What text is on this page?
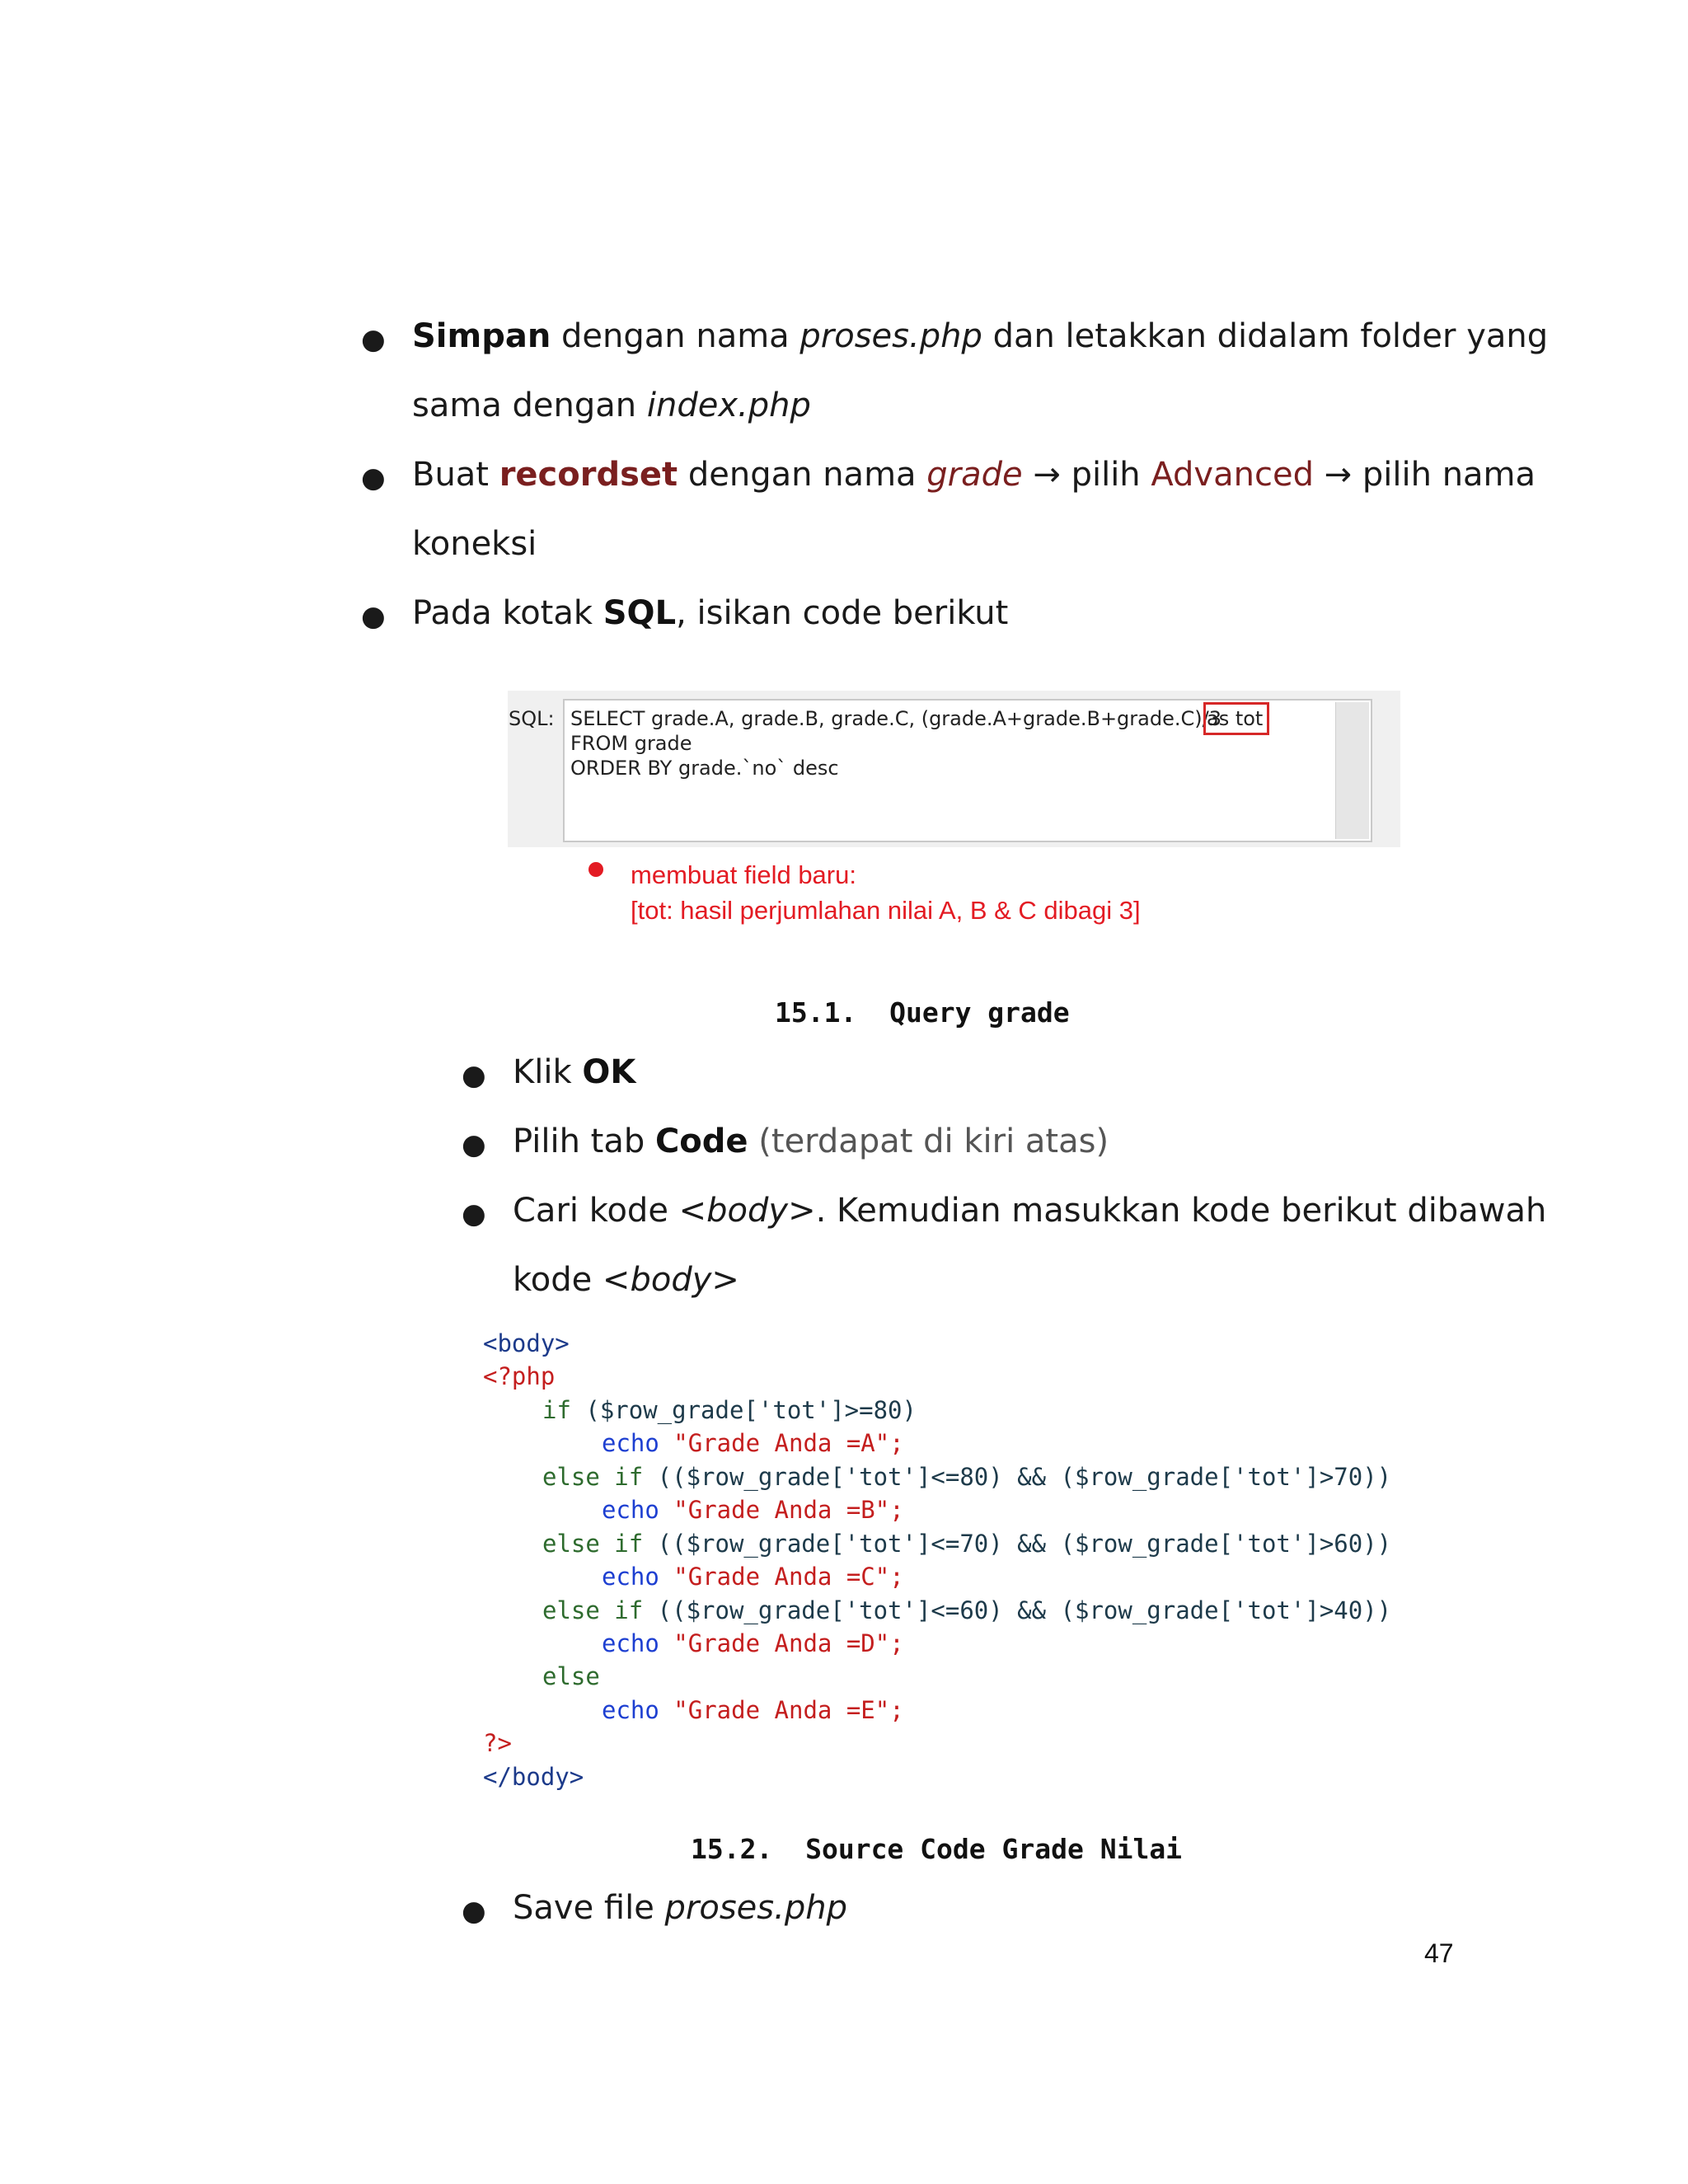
● Simpan dengan nama proses.php dan letakkan didalam folder yang
sama dengan index.php
● Buat recordset dengan nama grade → pilih Advanced → pilih nama
koneksi
● Pada kotak SQL, isikan code berikut
SQL: SELECT grade.A, grade.B, grade.C, (grade.A+grade.B+grade.C)/3
FROM grade
ORDER BY grade.`no` desc
as tot
membuat field baru:
[tot: hasil perjumlahan nilai A, B & C dibagi 3]
15.1. Query grade
● Klik OK
● Pilih tab Code (terdapat di kiri atas)
● Cari kode <body>. Kemudian masukkan kode berikut dibawah
kode <body>
<body>
<?php
if ($row_grade['tot']>=80)
echo "Grade Anda =A";
else if (($row_grade['tot']<=80) && ($row_grade['tot']>70))
echo "Grade Anda =B";
else if (($row_grade['tot']<=70) && ($row_grade['tot']>60))
echo "Grade Anda =C";
else if (($row_grade['tot']<=60) && ($row_grade['tot']>40))
echo "Grade Anda =D";
else
echo "Grade Anda =E";
?>
</body>
15.2. Source Code Grade Nilai
● Save file proses.php
47
